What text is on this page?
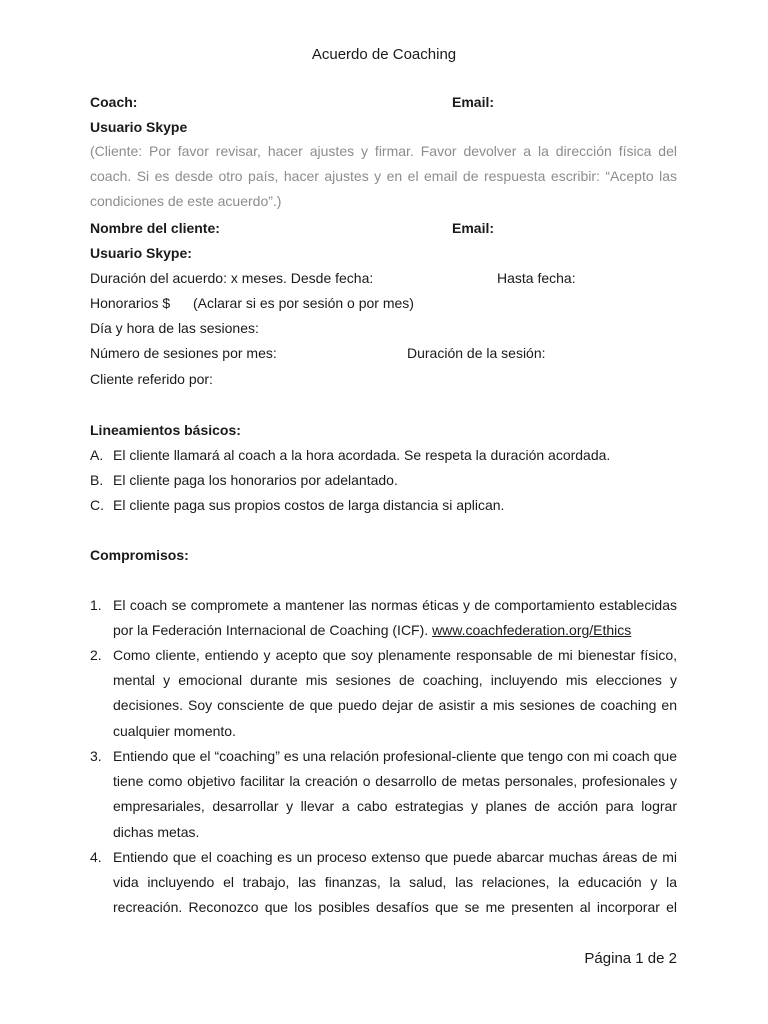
Acuerdo de Coaching
Coach:	Email:
Usuario Skype
(Cliente: Por favor revisar, hacer ajustes y firmar. Favor devolver a la dirección física del coach. Si es desde otro país, hacer ajustes y en el email de respuesta escribir: “Acepto las condiciones de este acuerdo”.)
Nombre del cliente:	Email:
Usuario Skype:
Duración del acuerdo: x meses. Desde fecha:	Hasta fecha:
Honorarios $ (Aclarar si es por sesión o por mes)
Día y hora de las sesiones:
Número de sesiones por mes:	Duración de la sesión:
Cliente referido por:
Lineamientos básicos:
A. El cliente llamará al coach a la hora acordada. Se respeta la duración acordada.
B. El cliente paga los honorarios por adelantado.
C. El cliente paga sus propios costos de larga distancia si aplican.
Compromisos:
1. El coach se compromete a mantener las normas éticas y de comportamiento establecidas por la Federación Internacional de Coaching (ICF). www.coachfederation.org/Ethics
2. Como cliente, entiendo y acepto que soy plenamente responsable de mi bienestar físico, mental y emocional durante mis sesiones de coaching, incluyendo mis elecciones y decisiones. Soy consciente de que puedo dejar de asistir a mis sesiones de coaching en cualquier momento.
3. Entiendo que el “coaching” es una relación profesional-cliente que tengo con mi coach que tiene como objetivo facilitar la creación o desarrollo de metas personales, profesionales y empresariales, desarrollar y llevar a cabo estrategias y planes de acción para lograr dichas metas.
4. Entiendo que el coaching es un proceso extenso que puede abarcar muchas áreas de mi vida incluyendo el trabajo, las finanzas, la salud, las relaciones, la educación y la recreación. Reconozco que los posibles desafíos que se me presenten al incorporar el
Página 1 de 2
